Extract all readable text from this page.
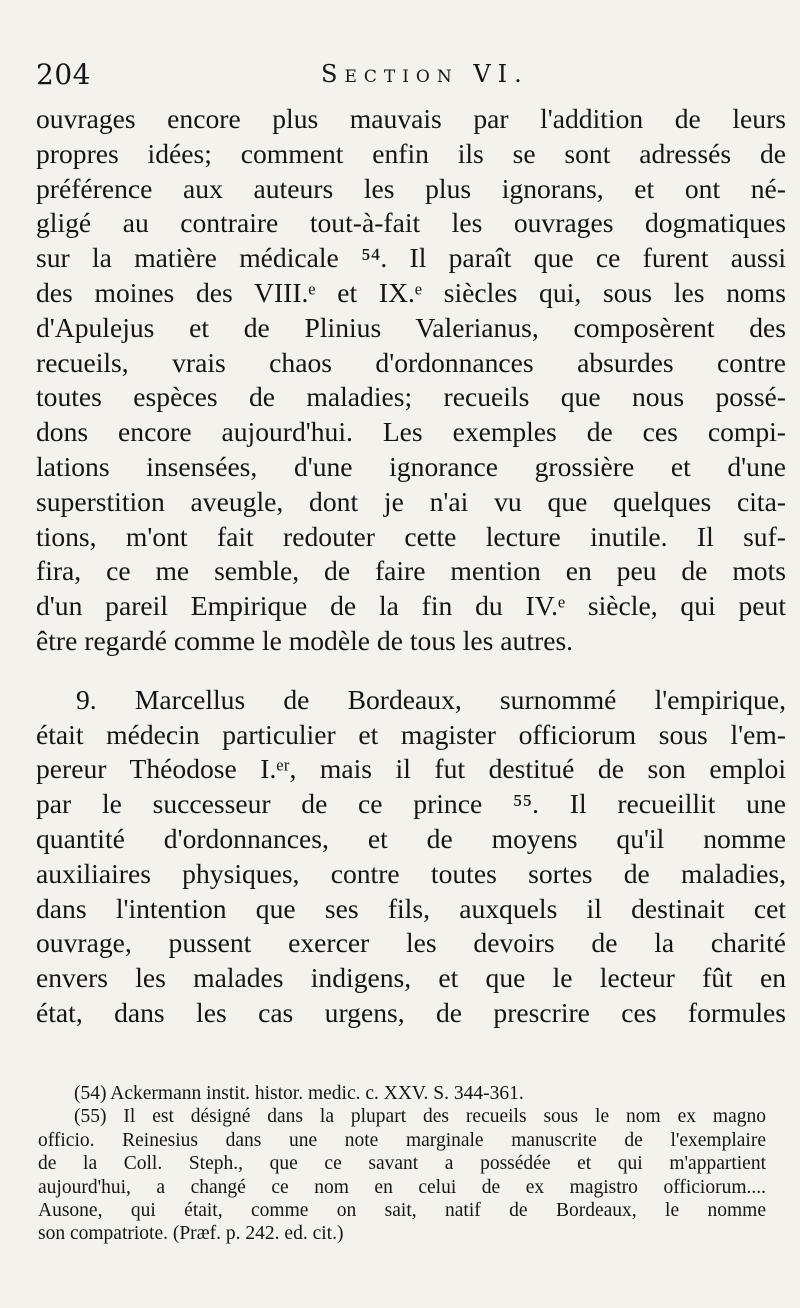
204	Section VI.
ouvrages encore plus mauvais par l'addition de leurs
propres idées; comment enfin ils se sont adressés de
préférence aux auteurs les plus ignorans, et ont né-
gligé au contraire tout-à-fait les ouvrages dogmatiques
sur la matière médicale ⁵⁴. Il paraît que ce furent aussi
des moines des VIII.ᵉ et IX.ᵉ siècles qui, sous les noms
d'Apulejus et de Plinius Valerianus, composèrent des
recueils, vrais chaos d'ordonnances absurdes contre
toutes espèces de maladies; recueils que nous possé-
dons encore aujourd'hui. Les exemples de ces compi-
lations insensées, d'une ignorance grossière et d'une
superstition aveugle, dont je n'ai vu que quelques cita-
tions, m'ont fait redouter cette lecture inutile. Il suf-
fira, ce me semble, de faire mention en peu de mots
d'un pareil Empirique de la fin du IV.ᵉ siècle, qui peut
être regardé comme le modèle de tous les autres.
9. Marcellus de Bordeaux, surnommé l'empirique,
était médecin particulier et magister officiorum sous l'em-
pereur Théodose I.ᵉʳ, mais il fut destitué de son emploi
par le successeur de ce prince ⁵⁵. Il recueillit une
quantité d'ordonnances, et de moyens qu'il nomme
auxiliaires physiques, contre toutes sortes de maladies,
dans l'intention que ses fils, auxquels il destinait cet
ouvrage, pussent exercer les devoirs de la charité
envers les malades indigens, et que le lecteur fût en
état, dans les cas urgens, de prescrire ces formules
(54) Ackermann instit. histor. medic. c. XXV. S. 344-361.
(55) Il est désigné dans la plupart des recueils sous le nom ex magno
officio. Reinesius dans une note marginale manuscrite de l'exemplaire
de la Coll. Steph., que ce savant a possédée et qui m'appartient
aujourd'hui, a changé ce nom en celui de ex magistro officiorum....
Ausone, qui était, comme on sait, natif de Bordeaux, le nomme
son compatriote. (Præf. p. 242. ed. cit.)
